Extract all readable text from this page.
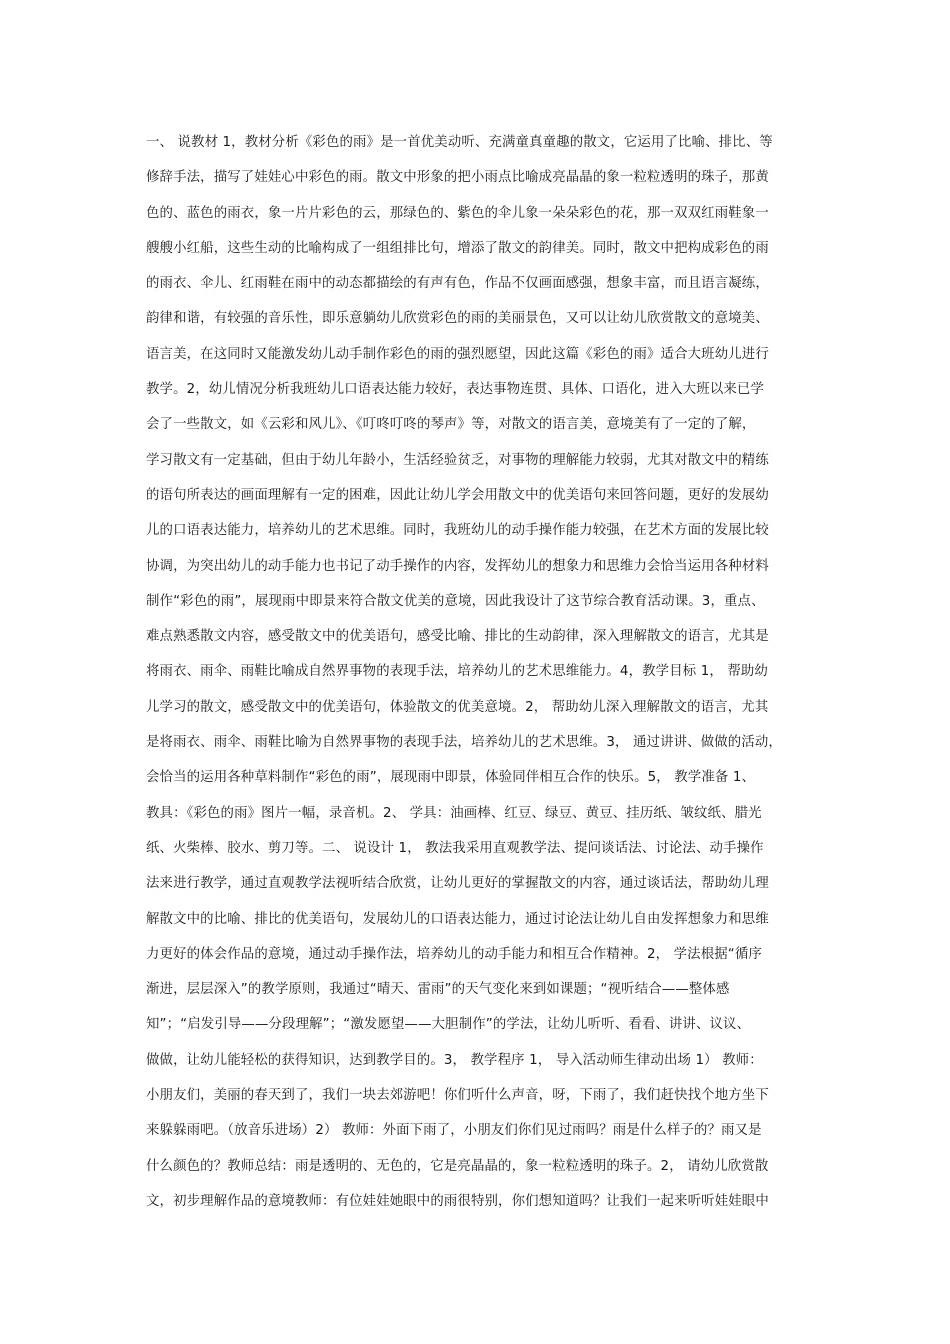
一、 说教材 1，教材分析《彩色的雨》是一首优美动听、充满童真童趣的散文，它运用了比喻、排比、等
修辞手法，描写了娃娃心中彩色的雨。散文中形象的把小雨点比喻成亮晶晶的象一粒粒透明的珠子，那黄
色的、蓝色的雨衣，象一片片彩色的云，那绿色的、紫色的伞儿象一朵朵彩色的花，那一双双红雨鞋象一
艘艘小红船，这些生动的比喻构成了一组组排比句，增添了散文的韵律美。同时，散文中把构成彩色的雨
的雨衣、伞儿、红雨鞋在雨中的动态都描绘的有声有色，作品不仅画面感强，想象丰富，而且语言凝练，
韵律和谐，有较强的音乐性，即乐意躺幼儿欣赏彩色的雨的美丽景色，又可以让幼儿欣赏散文的意境美、
语言美，在这同时又能激发幼儿动手制作彩色的雨的强烈愿望，因此这篇《彩色的雨》适合大班幼儿进行
教学。2，幼儿情况分析我班幼儿口语表达能力较好，表达事物连贯、具体、口语化，进入大班以来已学
会了一些散文，如《云彩和风儿》、《叮咚叮咚的琴声》等，对散文的语言美，意境美有了一定的了解，
学习散文有一定基础，但由于幼儿年龄小，生活经验贫乏，对事物的理解能力较弱，尤其对散文中的精练
的语句所表达的画面理解有一定的困难，因此让幼儿学会用散文中的优美语句来回答问题，更好的发展幼
儿的口语表达能力，培养幼儿的艺术思维。同时，我班幼儿的动手操作能力较强，在艺术方面的发展比较
协调，为突出幼儿的动手能力也书记了动手操作的内容，发挥幼儿的想象力和思维力会恰当运用各种材料
制作“彩色的雨”，展现雨中即景来符合散文优美的意境，因此我设计了这节综合教育活动课。3，重点、
难点熟悉散文内容，感受散文中的优美语句，感受比喻、排比的生动韵律，深入理解散文的语言，尤其是
将雨衣、雨伞、雨鞋比喻成自然界事物的表现手法，培养幼儿的艺术思维能力。4，教学目标 1， 帮助幼
儿学习的散文，感受散文中的优美语句，体验散文的优美意境。2， 帮助幼儿深入理解散文的语言，尤其
是将雨衣、雨伞、雨鞋比喻为自然界事物的表现手法，培养幼儿的艺术思维。3， 通过讲讲、做做的活动，
会恰当的运用各种草料制作“彩色的雨”，展现雨中即景，体验同伴相互合作的快乐。5， 教学准备 1、
教具：《彩色的雨》图片一幅，录音机。2、 学具：油画棒、红豆、绿豆、黄豆、挂历纸、皱纹纸、腊光
纸、火柴棒、胶水、剪刀等。二、 说设计 1， 教法我采用直观教学法、提问谈话法、讨论法、动手操作
法来进行教学，通过直观教学法视听结合欣赏，让幼儿更好的掌握散文的内容，通过谈话法，帮助幼儿理
解散文中的比喻、排比的优美语句，发展幼儿的口语表达能力，通过讨论法让幼儿自由发挥想象力和思维
力更好的体会作品的意境，通过动手操作法，培养幼儿的动手能力和相互合作精神。2， 学法根据“循序
渐进，层层深入”的教学原则，我通过“晴天、雷雨”的天气变化来到如课题；“视听结合——整体感
知”；“启发引导——分段理解”；“激发愿望——大胆制作”的学法，让幼儿听听、看看、讲讲、议议、
做做，让幼儿能轻松的获得知识，达到教学目的。3， 教学程序 1， 导入活动师生律动出场 1） 教师：
小朋友们，美丽的春天到了，我们一块去郊游吧！你们听什么声音，呀，下雨了，我们赶快找个地方坐下
来躲躲雨吧。（放音乐进场）2） 教师：外面下雨了，小朋友们你们见过雨吗？雨是什么样子的？雨又是
什么颜色的？教师总结：雨是透明的、无色的，它是亮晶晶的，象一粒粒透明的珠子。2， 请幼儿欣赏散
文，初步理解作品的意境教师：有位娃娃她眼中的雨很特别，你们想知道吗？让我们一起来听听娃娃眼中
